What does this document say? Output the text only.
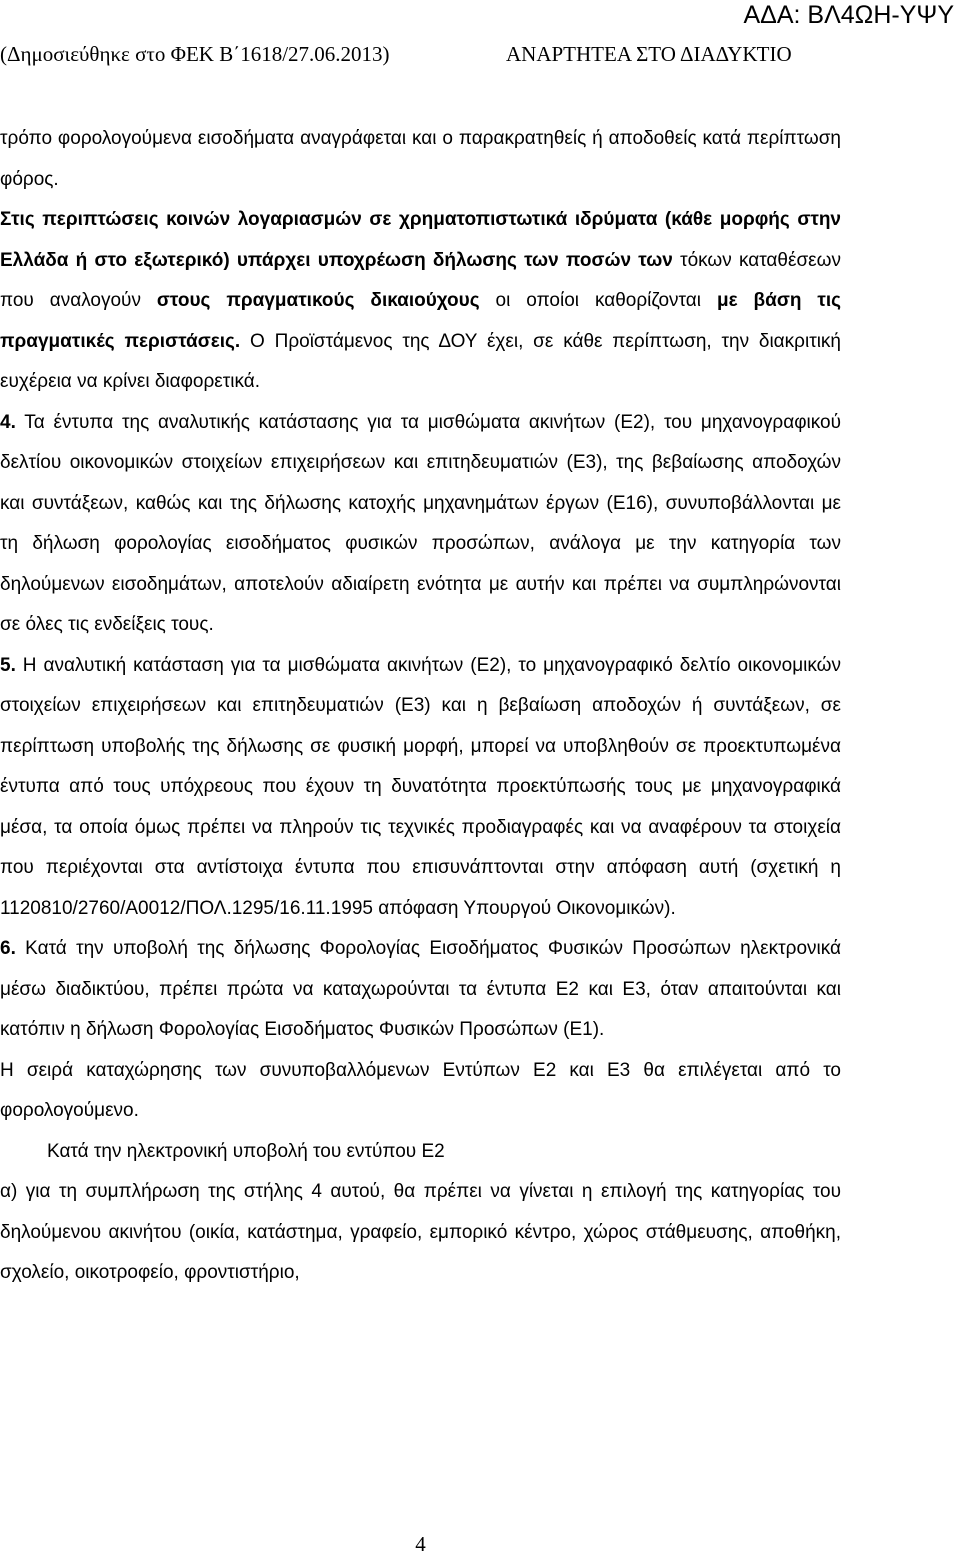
ΑΔΑ: ΒΛ4ΩΗ-ΥΨΥ
(Δημοσιεύθηκε στο ΦΕΚ Β΄1618/27.06.2013)	ΑΝΑΡΤΗΤΕΑ ΣΤΟ ΔΙΑΔΥΚΤΙΟ

τρόπο φορολογούμενα εισοδήματα αναγράφεται και ο παρακρατηθείς ή αποδοθείς κατά περίπτωση φόρος.

Στις περιπτώσεις κοινών λογαριασμών σε χρηματοπιστωτικά ιδρύματα (κάθε μορφής στην Ελλάδα ή στο εξωτερικό) υπάρχει υποχρέωση δήλωσης των ποσών των τόκων καταθέσεων που αναλογούν στους πραγματικούς δικαιούχους οι οποίοι καθορίζονται με βάση τις πραγματικές περιστάσεις. Ο Προϊστάμενος της ΔΟΥ έχει, σε κάθε περίπτωση, την διακριτική ευχέρεια να κρίνει διαφορετικά.

4. Τα έντυπα της αναλυτικής κατάστασης για τα μισθώματα ακινήτων (Ε2), του μηχανογραφικού δελτίου οικονομικών στοιχείων επιχειρήσεων και επιτηδευματιών (Ε3), της βεβαίωσης αποδοχών και συντάξεων, καθώς και της δήλωσης κατοχής μηχανημάτων έργων (Ε16), συνυποβάλλονται με τη δήλωση φορολογίας εισοδήματος φυσικών προσώπων, ανάλογα με την κατηγορία των δηλούμενων εισοδημάτων, αποτελούν αδιαίρετη ενότητα με αυτήν και πρέπει να συμπληρώνονται σε όλες τις ενδείξεις τους.

5. Η αναλυτική κατάσταση για τα μισθώματα ακινήτων (Ε2), το μηχανογραφικό δελτίο οικονομικών στοιχείων επιχειρήσεων και επιτηδευματιών (Ε3) και η βεβαίωση αποδοχών ή συντάξεων, σε περίπτωση υποβολής της δήλωσης σε φυσική μορφή, μπορεί να υποβληθούν σε προεκτυπωμένα έντυπα από τους υπόχρεους που έχουν τη δυνατότητα προεκτύπωσής τους με μηχανογραφικά μέσα, τα οποία όμως πρέπει να πληρούν τις τεχνικές προδιαγραφές και να αναφέρουν τα στοιχεία που περιέχονται στα αντίστοιχα έντυπα που επισυνάπτονται στην απόφαση αυτή (σχετική η 1120810/2760/Α0012/ΠΟΛ.1295/16.11.1995 απόφαση Υπουργού Οικονομικών).

6. Κατά την υποβολή της δήλωσης Φορολογίας Εισοδήματος Φυσικών Προσώπων ηλεκτρονικά μέσω διαδικτύου, πρέπει πρώτα να καταχωρούνται τα έντυπα Ε2 και Ε3, όταν απαιτούνται και κατόπιν η δήλωση Φορολογίας Εισοδήματος Φυσικών Προσώπων (Ε1).

Η σειρά καταχώρησης των συνυποβαλλόμενων Εντύπων Ε2 και Ε3 θα επιλέγεται από το φορολογούμενο.

Κατά την ηλεκτρονική υποβολή του εντύπου Ε2

α) για τη συμπλήρωση της στήλης 4 αυτού, θα πρέπει να γίνεται η επιλογή της κατηγορίας του δηλούμενου ακινήτου (οικία, κατάστημα, γραφείο, εμπορικό κέντρο, χώρος στάθμευσης, αποθήκη, σχολείο, οικοτροφείο, φροντιστήριο,

4
